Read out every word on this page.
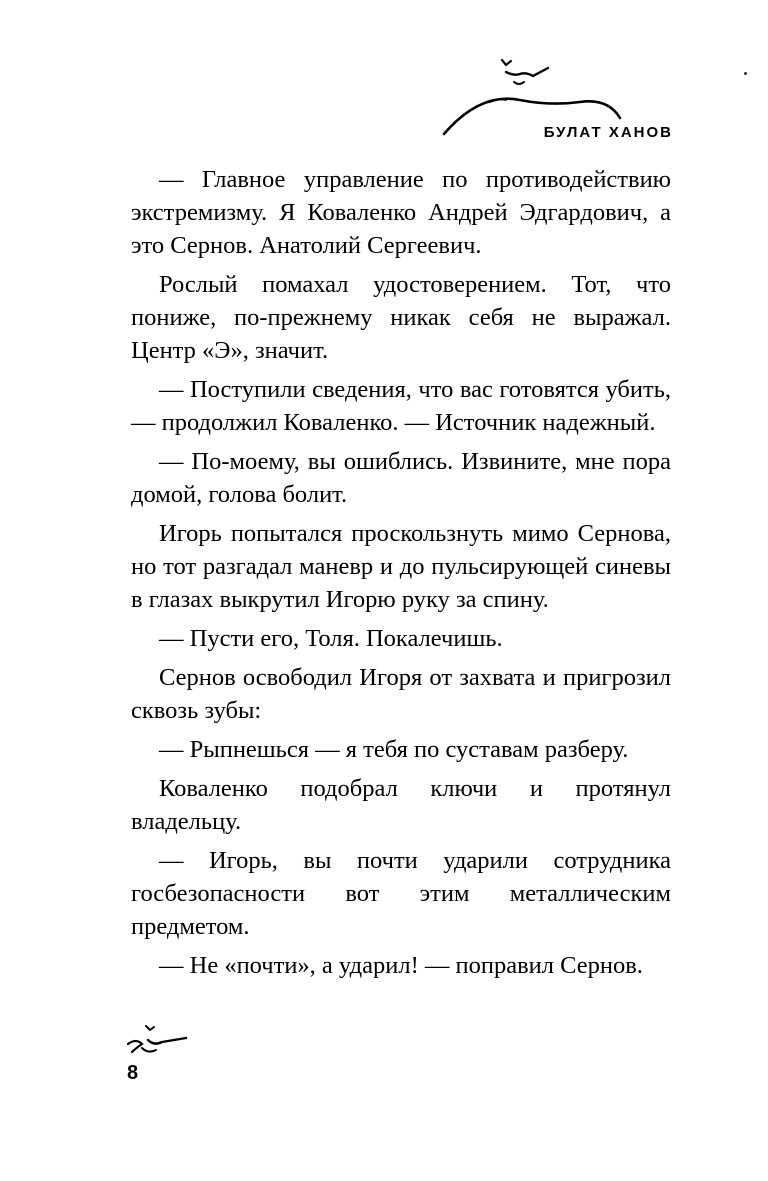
БУЛАТ ХАНОВ

— Главное управление по противодействию экстремизму. Я Коваленко Андрей Эдгардович, а это Сернов. Анатолий Сергеевич.

Рослый помахал удостоверением. Тот, что пониже, по-прежнему никак себя не выражал. Центр «Э», значит.

— Поступили сведения, что вас готовятся убить, — продолжил Коваленко. — Источник надежный.

— По-моему, вы ошиблись. Извините, мне пора домой, голова болит.

Игорь попытался проскользнуть мимо Сернова, но тот разгадал маневр и до пульсирующей синевы в глазах выкрутил Игорю руку за спину.

— Пусти его, Толя. Покалечишь.

Сернов освободил Игоря от захвата и пригрозил сквозь зубы:

— Рыпнешься — я тебя по суставам разберу.

Коваленко подобрал ключи и протянул владельцу.

— Игорь, вы почти ударили сотрудника госбезопасности вот этим металлическим предметом.

— Не «почти», а ударил! — поправил Сернов.

8
